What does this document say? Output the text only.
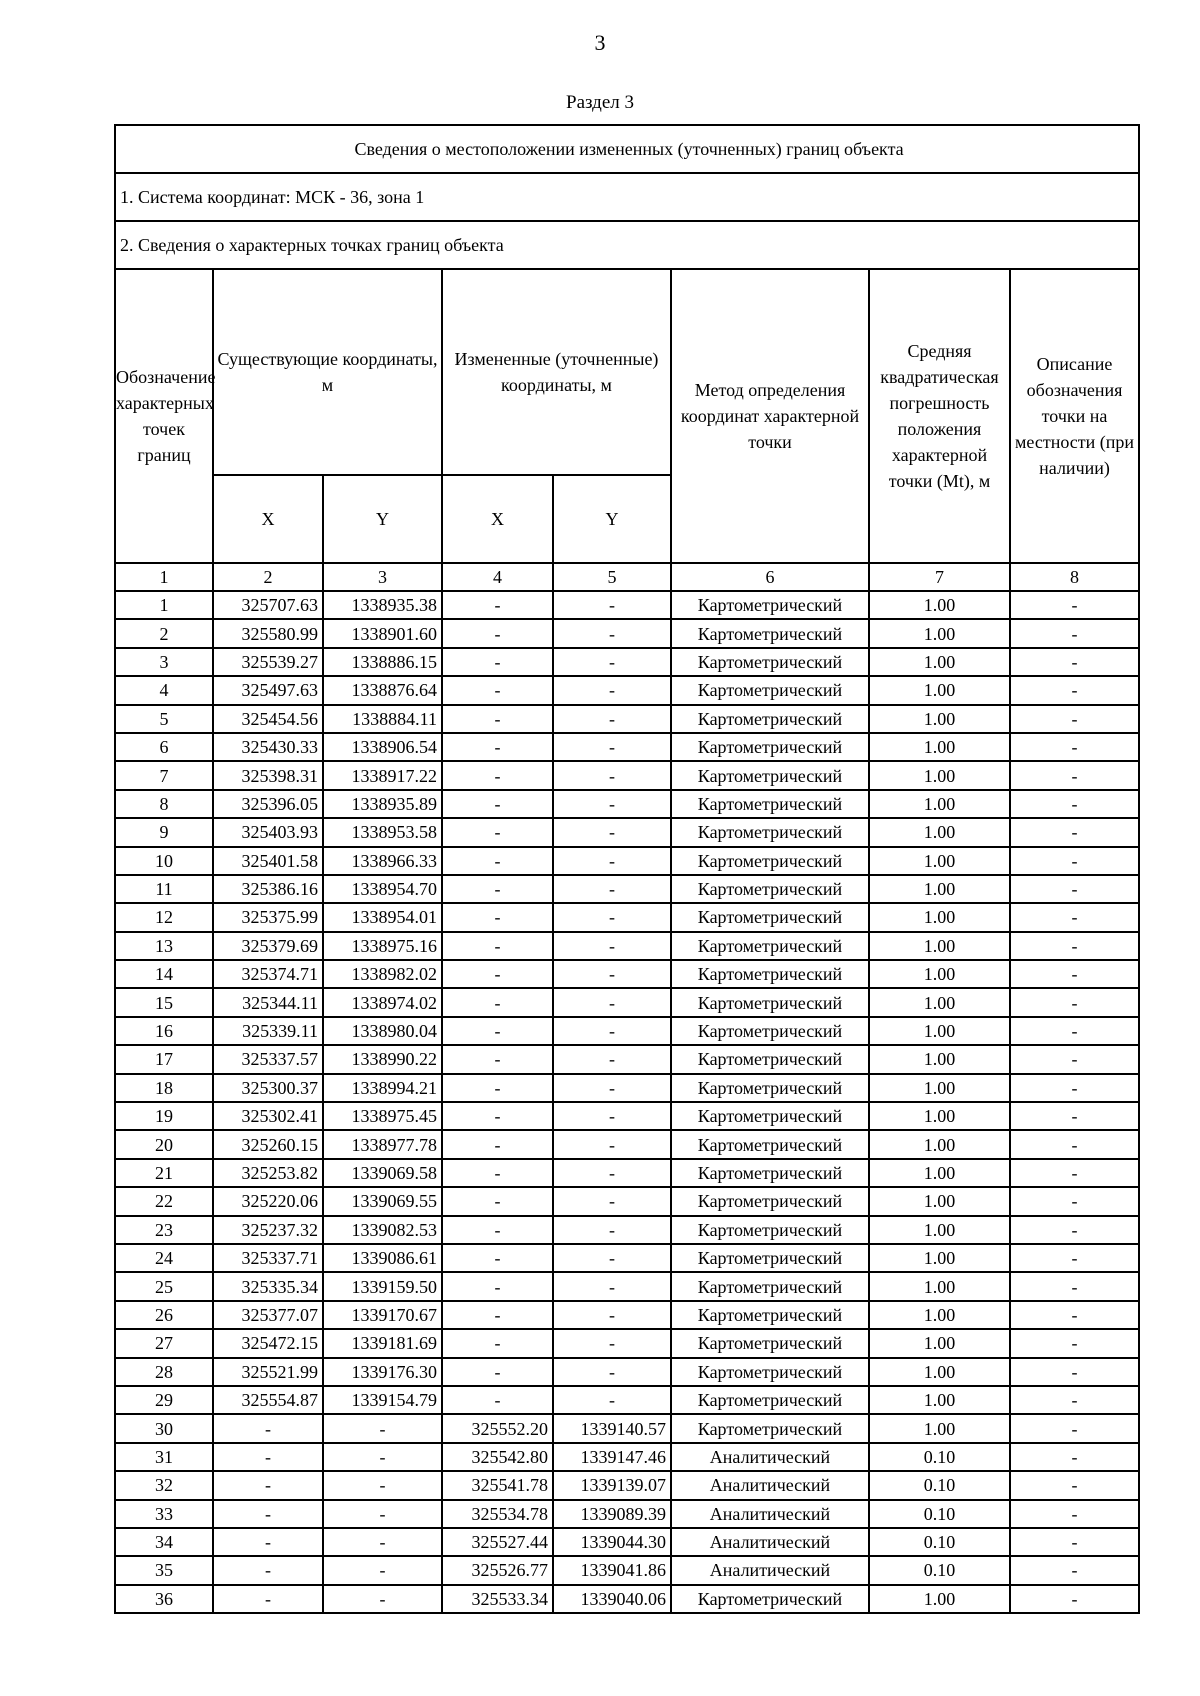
3
Раздел 3
Сведения о местоположении измененных (уточненных) границ объекта							
1. Система координат: МСК - 36, зона 1							
2. Сведения о характерных точках границ объекта							
Обозначение характерных точек границ	Существующие координаты, м		Измененные (уточненные) координаты, м		Метод определения координат характерной точки	Средняя квадратическая погрешность положения характерной точки (Mt), м	Описание обозначения точки на местности (при наличии)
	X	Y	X	Y			
1	2	3	4	5	6	7	8
1	325707.63	1338935.38	-	-	Картометрический	1.00	-
2	325580.99	1338901.60	-	-	Картометрический	1.00	-
3	325539.27	1338886.15	-	-	Картометрический	1.00	-
4	325497.63	1338876.64	-	-	Картометрический	1.00	-
5	325454.56	1338884.11	-	-	Картометрический	1.00	-
6	325430.33	1338906.54	-	-	Картометрический	1.00	-
7	325398.31	1338917.22	-	-	Картометрический	1.00	-
8	325396.05	1338935.89	-	-	Картометрический	1.00	-
9	325403.93	1338953.58	-	-	Картометрический	1.00	-
10	325401.58	1338966.33	-	-	Картометрический	1.00	-
11	325386.16	1338954.70	-	-	Картометрический	1.00	-
12	325375.99	1338954.01	-	-	Картометрический	1.00	-
13	325379.69	1338975.16	-	-	Картометрический	1.00	-
14	325374.71	1338982.02	-	-	Картометрический	1.00	-
15	325344.11	1338974.02	-	-	Картометрический	1.00	-
16	325339.11	1338980.04	-	-	Картометрический	1.00	-
17	325337.57	1338990.22	-	-	Картометрический	1.00	-
18	325300.37	1338994.21	-	-	Картометрический	1.00	-
19	325302.41	1338975.45	-	-	Картометрический	1.00	-
20	325260.15	1338977.78	-	-	Картометрический	1.00	-
21	325253.82	1339069.58	-	-	Картометрический	1.00	-
22	325220.06	1339069.55	-	-	Картометрический	1.00	-
23	325237.32	1339082.53	-	-	Картометрический	1.00	-
24	325337.71	1339086.61	-	-	Картометрический	1.00	-
25	325335.34	1339159.50	-	-	Картометрический	1.00	-
26	325377.07	1339170.67	-	-	Картометрический	1.00	-
27	325472.15	1339181.69	-	-	Картометрический	1.00	-
28	325521.99	1339176.30	-	-	Картометрический	1.00	-
29	325554.87	1339154.79	-	-	Картометрический	1.00	-
30	-	-	325552.20	1339140.57	Картометрический	1.00	-
31	-	-	325542.80	1339147.46	Аналитический	0.10	-
32	-	-	325541.78	1339139.07	Аналитический	0.10	-
33	-	-	325534.78	1339089.39	Аналитический	0.10	-
34	-	-	325527.44	1339044.30	Аналитический	0.10	-
35	-	-	325526.77	1339041.86	Аналитический	0.10	-
36	-	-	325533.34	1339040.06	Картометрический	1.00	-
